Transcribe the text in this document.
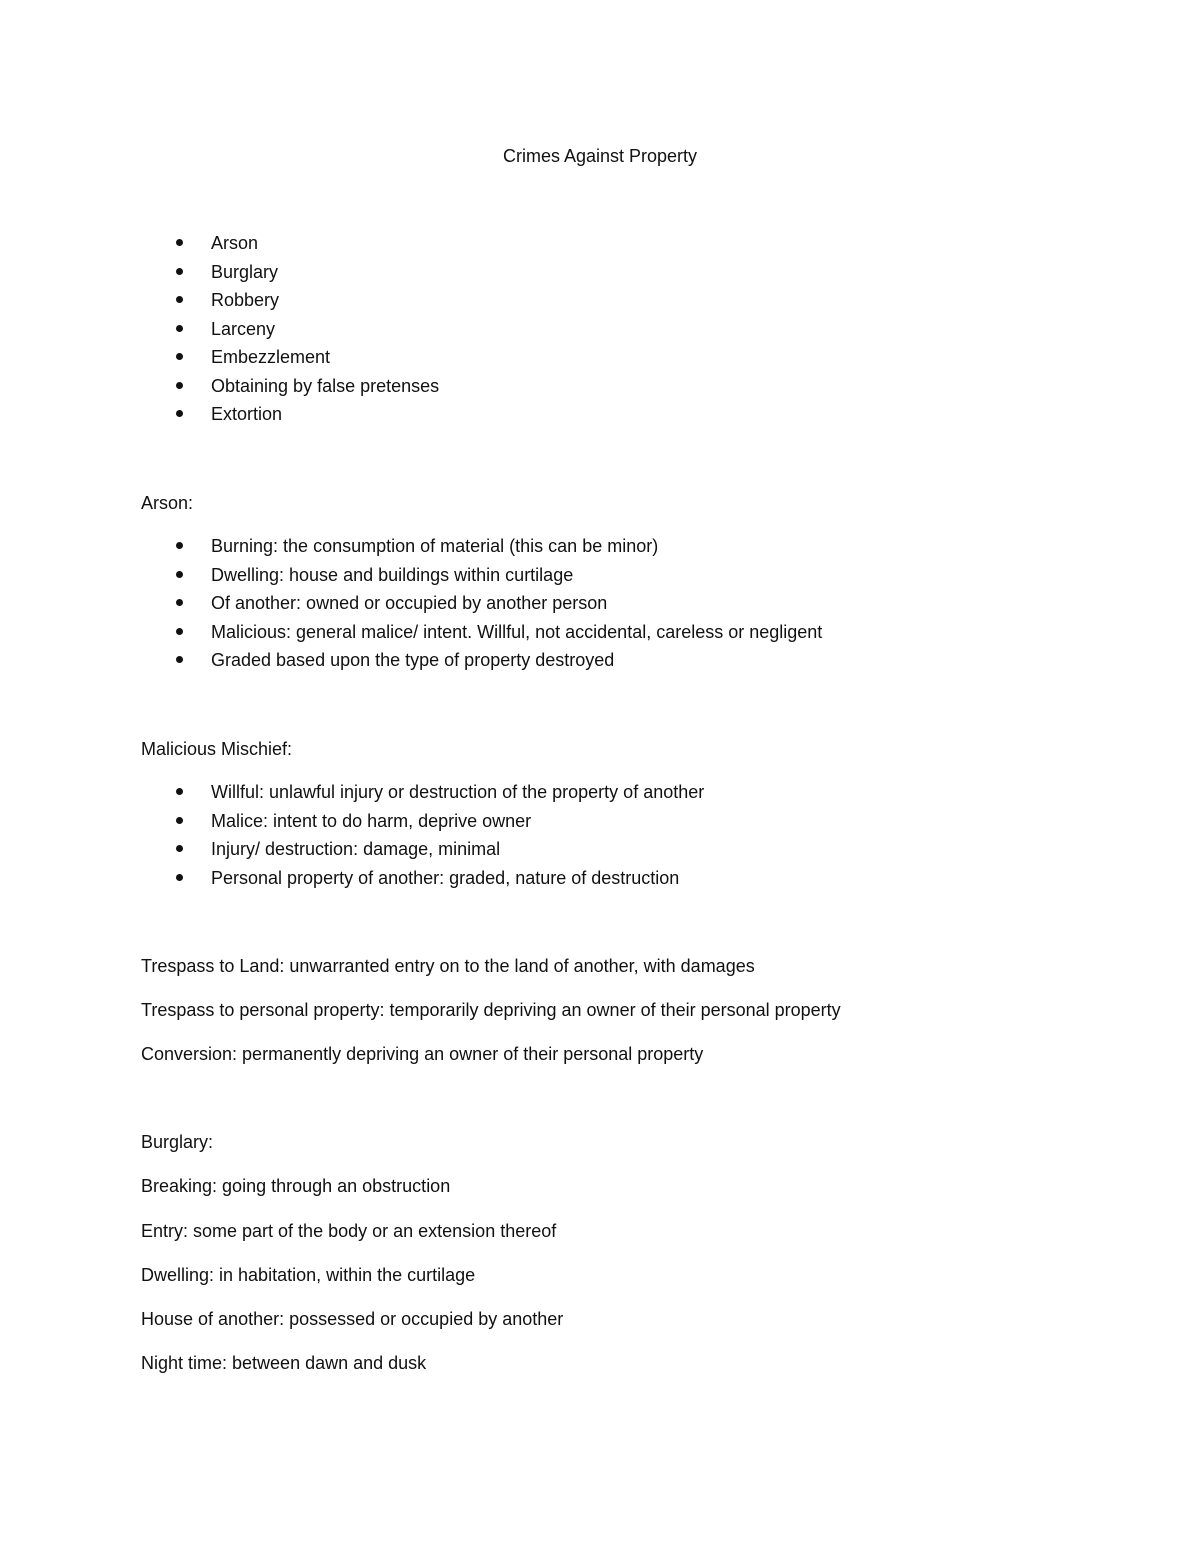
Crimes Against Property
Arson
Burglary
Robbery
Larceny
Embezzlement
Obtaining by false pretenses
Extortion

Arson:

Burning: the consumption of material (this can be minor)
Dwelling: house and buildings within curtilage
Of another: owned or occupied by another person
Malicious: general malice/ intent. Willful, not accidental, careless or negligent
Graded based upon the type of property destroyed

Malicious Mischief:

Willful: unlawful injury or destruction of the property of another
Malice: intent to do harm, deprive owner
Injury/ destruction: damage, minimal
Personal property of another: graded, nature of destruction

Trespass to Land: unwarranted entry on to the land of another, with damages

Trespass to personal property: temporarily depriving an owner of their personal property

Conversion: permanently depriving an owner of their personal property

Burglary:

Breaking: going through an obstruction

Entry: some part of the body or an extension thereof

Dwelling: in habitation, within the curtilage

House of another: possessed or occupied by another

Night time: between dawn and dusk
